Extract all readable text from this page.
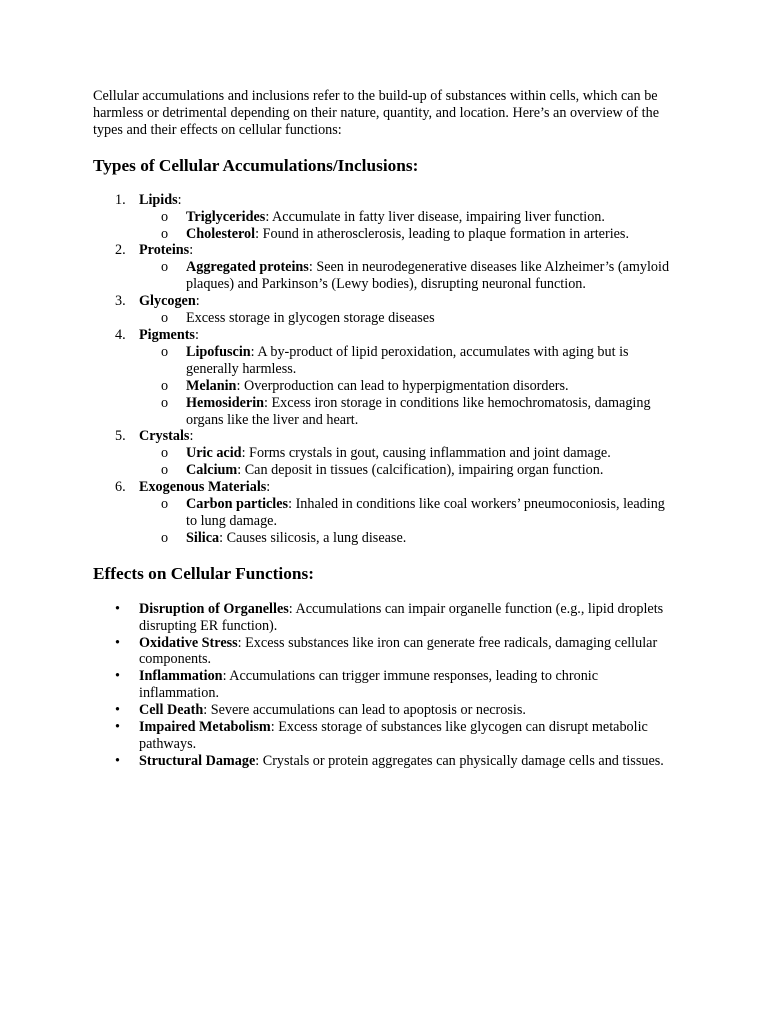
Cellular accumulations and inclusions refer to the build-up of substances within cells, which can be harmless or detrimental depending on their nature, quantity, and location. Here’s an overview of the types and their effects on cellular functions:

Types of Cellular Accumulations/Inclusions:
1. Lipids:
o Triglycerides: Accumulate in fatty liver disease, impairing liver function.
o Cholesterol: Found in atherosclerosis, leading to plaque formation in arteries.
2. Proteins:
o Aggregated proteins: Seen in neurodegenerative diseases like Alzheimer’s (amyloid plaques) and Parkinson’s (Lewy bodies), disrupting neuronal function.
3. Glycogen:
o Excess storage in glycogen storage diseases
4. Pigments:
o Lipofuscin: A by-product of lipid peroxidation, accumulates with aging but is generally harmless.
o Melanin: Overproduction can lead to hyperpigmentation disorders.
o Hemosiderin: Excess iron storage in conditions like hemochromatosis, damaging organs like the liver and heart.
5. Crystals:
o Uric acid: Forms crystals in gout, causing inflammation and joint damage.
o Calcium: Can deposit in tissues (calcification), impairing organ function.
6. Exogenous Materials:
o Carbon particles: Inhaled in conditions like coal workers’ pneumoconiosis, leading to lung damage.
o Silica: Causes silicosis, a lung disease.
Effects on Cellular Functions:
• Disruption of Organelles: Accumulations can impair organelle function (e.g., lipid droplets disrupting ER function).
• Oxidative Stress: Excess substances like iron can generate free radicals, damaging cellular components.
• Inflammation: Accumulations can trigger immune responses, leading to chronic inflammation.
• Cell Death: Severe accumulations can lead to apoptosis or necrosis.
• Impaired Metabolism: Excess storage of substances like glycogen can disrupt metabolic pathways.
• Structural Damage: Crystals or protein aggregates can physically damage cells and tissues.
